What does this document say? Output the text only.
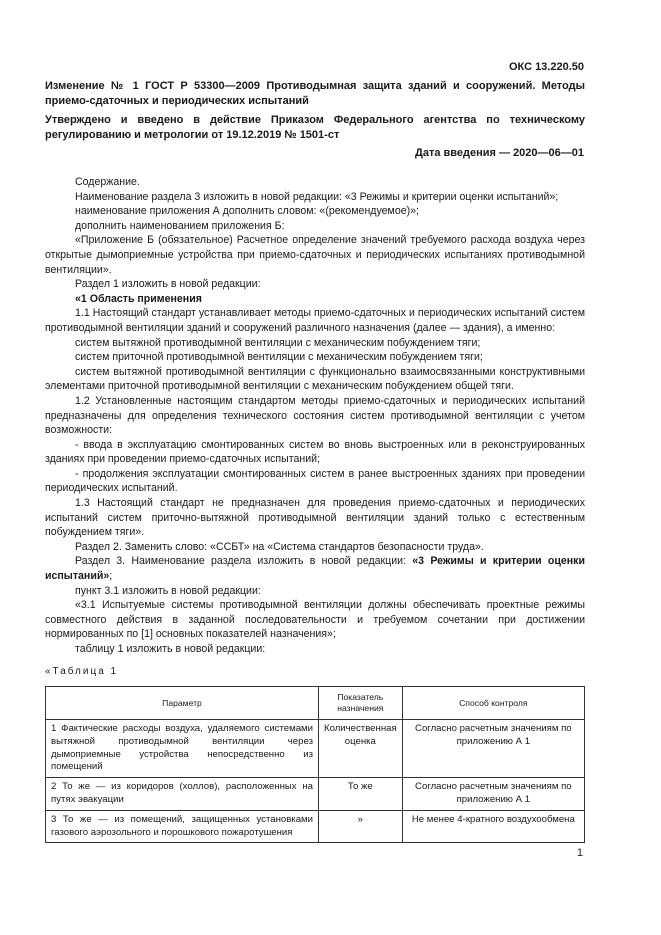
ОКС 13.220.50
Изменение № 1 ГОСТ Р 53300—2009 Противодымная защита зданий и сооружений. Методы приемо-сдаточных и периодических испытаний
Утверждено и введено в действие Приказом Федерального агентства по техническому регулированию и метрологии от 19.12.2019 № 1501-ст
Дата введения — 2020—06—01

Содержание.

Наименование раздела 3 изложить в новой редакции: «3 Режимы и критерии оценки испытаний»;

наименование приложения А дополнить словом: «(рекомендуемое)»;

дополнить наименованием приложения Б:

«Приложение Б (обязательное) Расчетное определение значений требуемого расхода воздуха через открытые дымоприемные устройства при приемо-сдаточных и периодических испытаниях противодымной вентиляции».

Раздел 1 изложить в новой редакции:

«1 Область применения

1.1 Настоящий стандарт устанавливает методы приемо-сдаточных и периодических испытаний систем противодымной вентиляции зданий и сооружений различного назначения (далее — здания), а именно:

систем вытяжной противодымной вентиляции с механическим побуждением тяги;

систем приточной противодымной вентиляции с механическим побуждением тяги;

систем вытяжной противодымной вентиляции с функционально взаимосвязанными конструктивными элементами приточной противодымной вентиляции с механическим побуждением общей тяги.

1.2 Установленные настоящим стандартом методы приемо-сдаточных и периодических испытаний предназначены для определения технического состояния систем противодымной вентиляции с учетом возможности:

- ввода в эксплуатацию смонтированных систем во вновь выстроенных или в реконструированных зданиях при проведении приемо-сдаточных испытаний;

- продолжения эксплуатации смонтированных систем в ранее выстроенных зданиях при проведении периодических испытаний.

1.3 Настоящий стандарт не предназначен для проведения приемо-сдаточных и периодических испытаний систем приточно-вытяжной противодымной вентиляции зданий только с естественным побуждением тяги».

Раздел 2. Заменить слово: «ССБТ» на «Система стандартов безопасности труда».

Раздел 3. Наименование раздела изложить в новой редакции: «3 Режимы и критерии оценки испытаний»;

пункт 3.1 изложить в новой редакции:

«3.1 Испытуемые системы противодымной вентиляции должны обеспечивать проектные режимы совместного действия в заданной последовательности и требуемом сочетании при достижении нормированных по [1] основных показателей назначения»;

таблицу 1 изложить в новой редакции:

«Таблица 1
Параметр	Показатель назначения	Способ контроля
1 Фактические расходы воздуха, удаляемого системами вытяжной противодымной вентиляции через дымоприемные устройства непосредственно из помещений	Количественная оценка	Согласно расчетным значениям по приложению А 1
2 То же — из коридоров (холлов), расположенных на путях эвакуации	То же	Согласно расчетным значениям по приложению А 1
3 То же — из помещений, защищенных установками газового аэрозольного и порошкового пожаротушения	»	Не менее 4-кратного воздухообмена
1
